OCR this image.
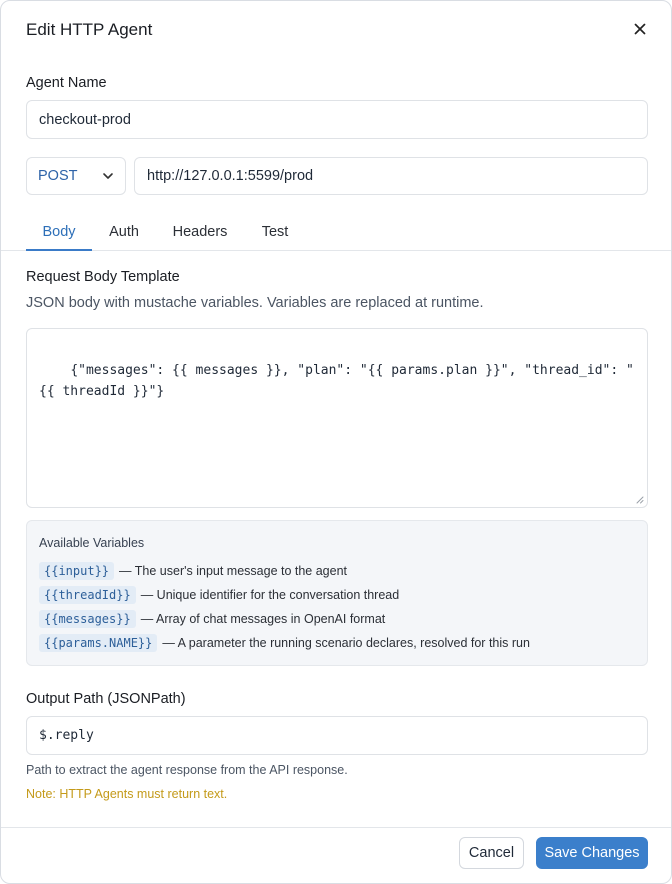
Edit HTTP Agent
Agent Name
checkout-prod
POST	http://127.0.0.1:5599/prod
Body	Auth	Headers	Test
Request Body Template
JSON body with mustache variables. Variables are replaced at runtime.

{"messages": {{ messages }}, "plan": "{{ params.plan }}", "thread_id": "{{ threadId }}"}

Available Variables
{{input}} — The user's input message to the agent
{{threadId}} — Unique identifier for the conversation thread
{{messages}} — Array of chat messages in OpenAI format
{{params.NAME}} — A parameter the running scenario declares, resolved for this run
Output Path (JSONPath)
$.reply
Path to extract the agent response from the API response.
Note: HTTP Agents must return text.
Cancel	Save Changes
